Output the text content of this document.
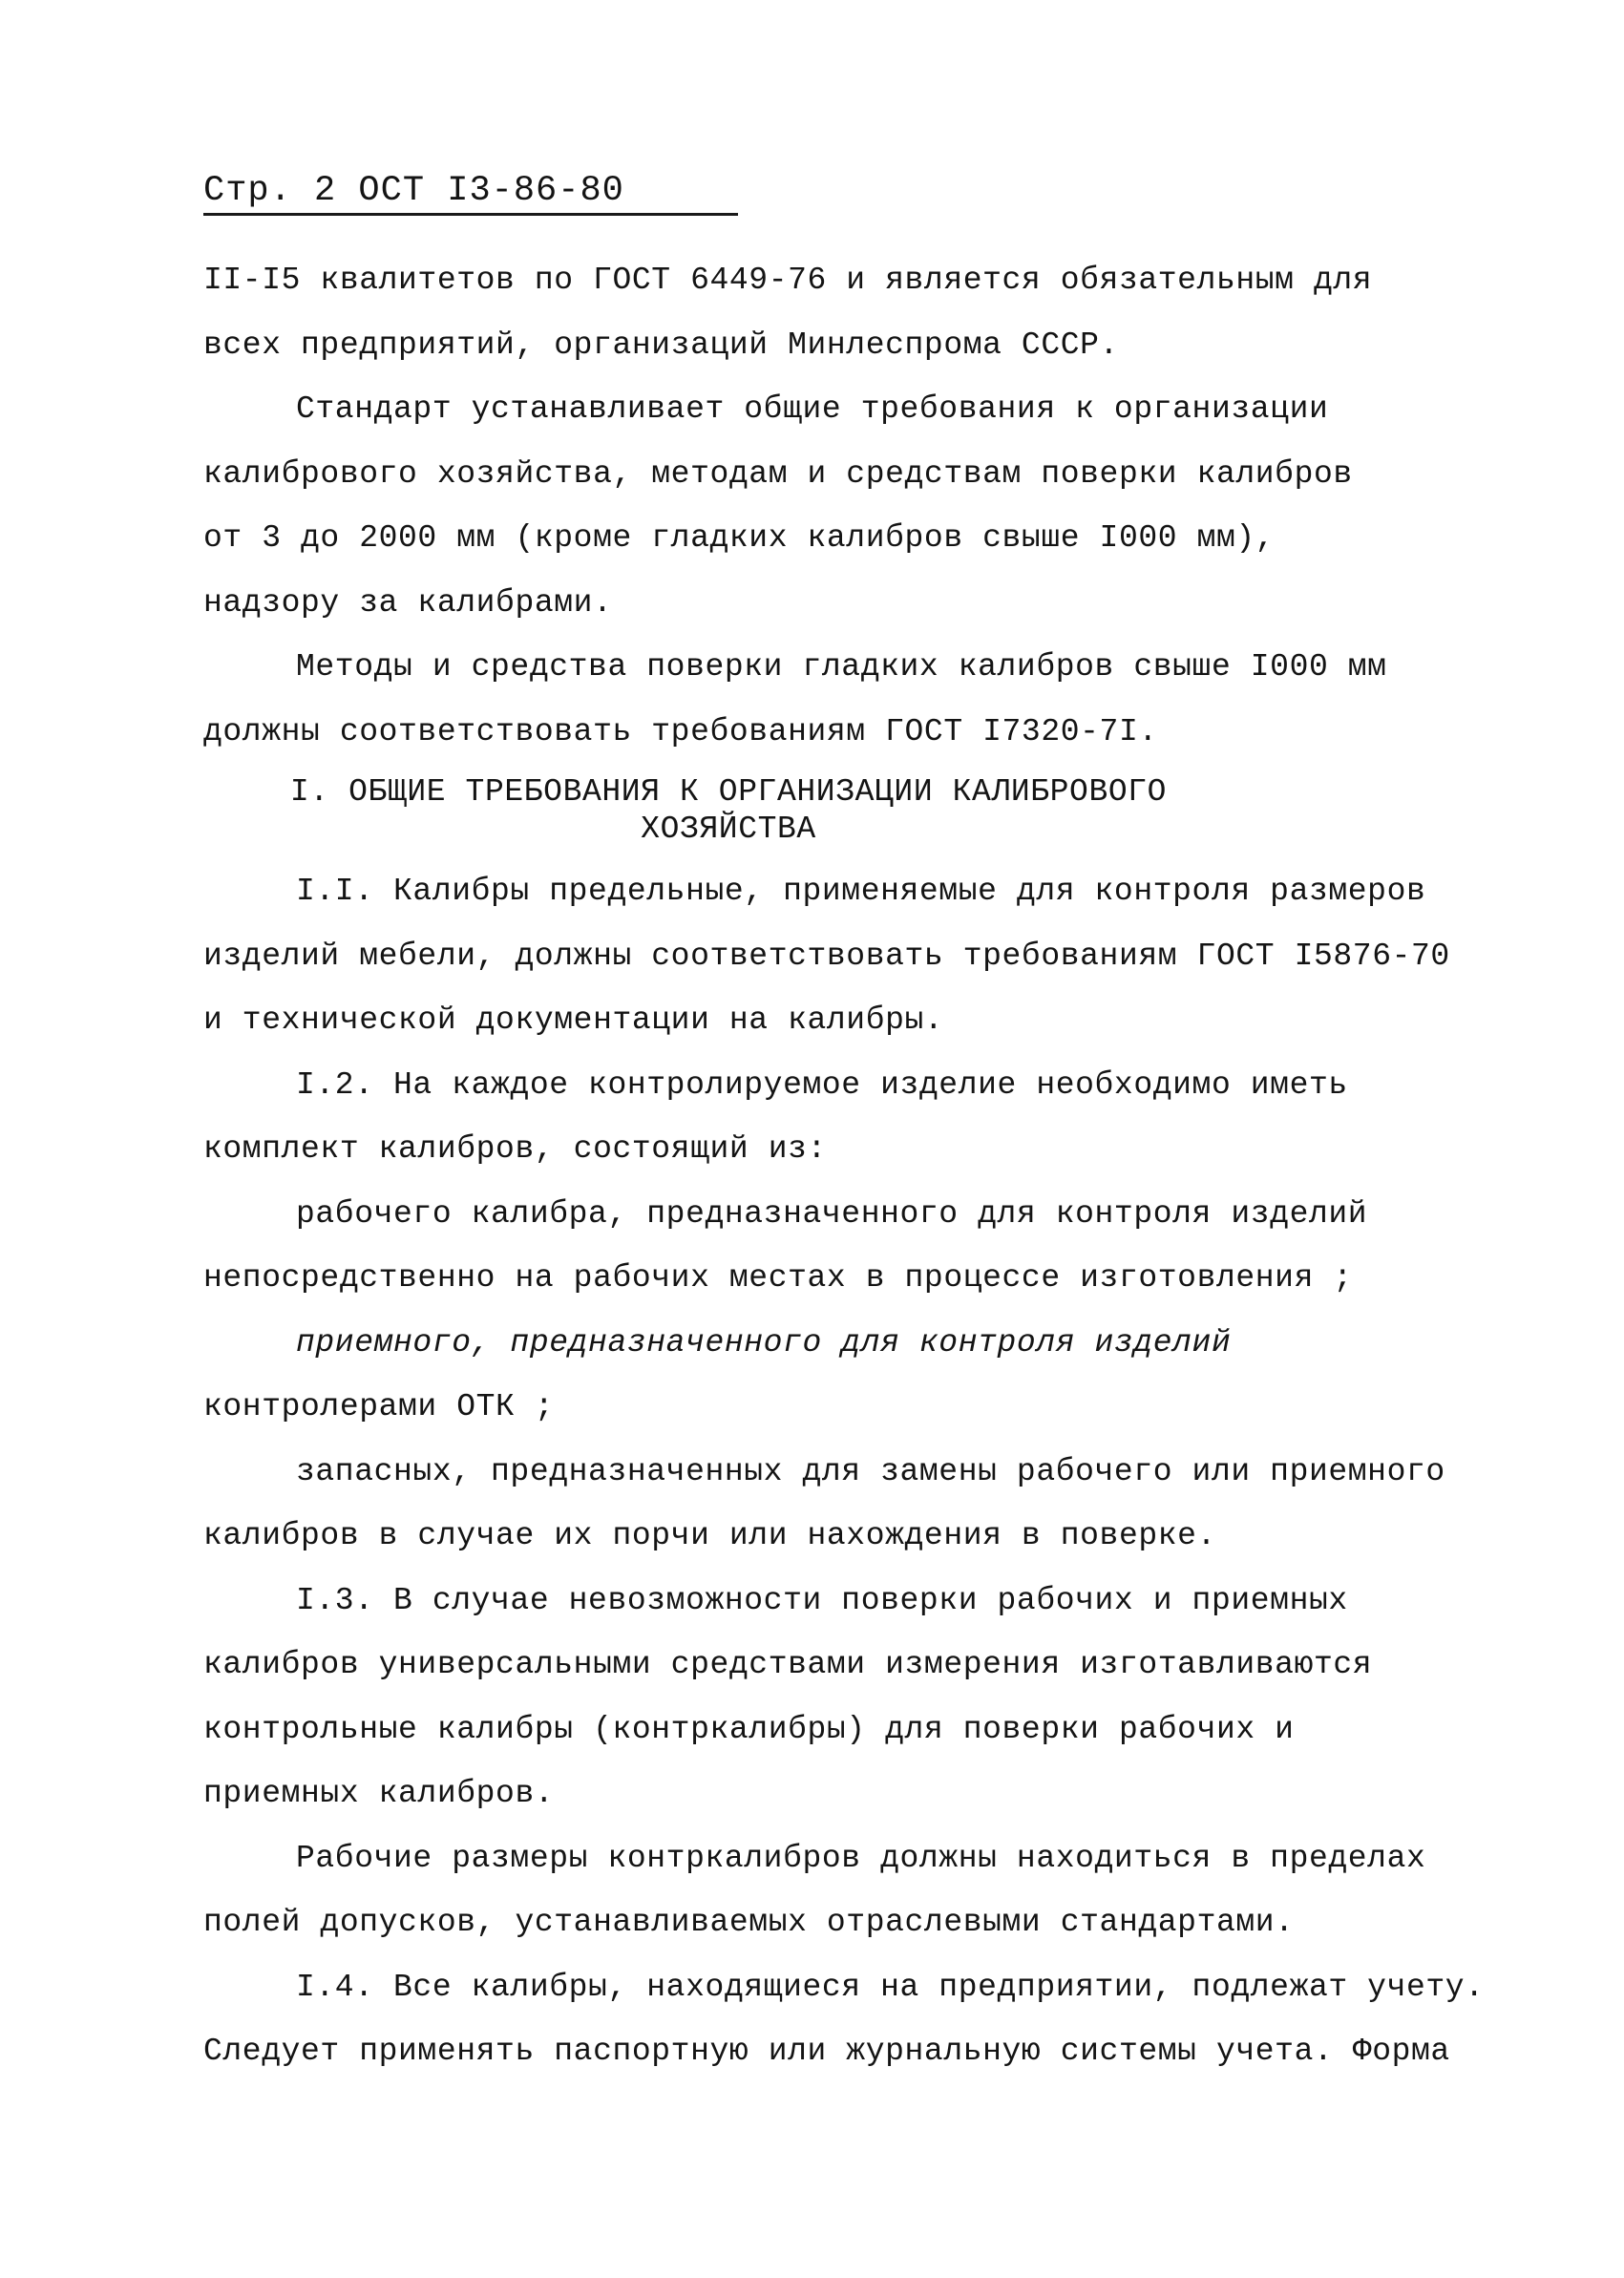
Стр. 2 ОСТ I3-86-80
II-I5 квалитетов по ГОСТ 6449-76 и является обязательным для
всех предприятий, организаций Минлеспрома СССР.
Стандарт устанавливает общие требования к организации
калибрового хозяйства, методам и средствам поверки калибров
от 3 до 2000 мм (кроме гладких калибров свыше I000 мм),
надзору за калибрами.
Методы и средства поверки гладких калибров свыше I000 мм
должны соответствовать требованиям ГОСТ I7320-7I.
I. ОБЩИЕ ТРЕБОВАНИЯ К ОРГАНИЗАЦИИ КАЛИБРОВОГО
ХОЗЯЙСТВА
I.I. Калибры предельные, применяемые для контроля размеров
изделий мебели, должны соответствовать требованиям ГОСТ I5876-70
и технической документации на калибры.
I.2. На каждое контролируемое изделие необходимо иметь
комплект калибров, состоящий из:
рабочего калибра, предназначенного для контроля изделий
непосредственно на рабочих местах в процессе изготовления ;
приемного, предназначенного для контроля изделий
контролерами ОТК ;
запасных, предназначенных для замены рабочего или приемного
калибров в случае их порчи или нахождения в поверке.
I.3. В случае невозможности поверки рабочих и приемных
калибров универсальными средствами измерения изготавливаются
контрольные калибры (контркалибры) для поверки рабочих и
приемных калибров.
Рабочие размеры контркалибров должны находиться в пределах
полей допусков, устанавливаемых отраслевыми стандартами.
I.4. Все калибры, находящиеся на предприятии, подлежат учету.
Следует применять паспортную или журнальную системы учета. Форма
